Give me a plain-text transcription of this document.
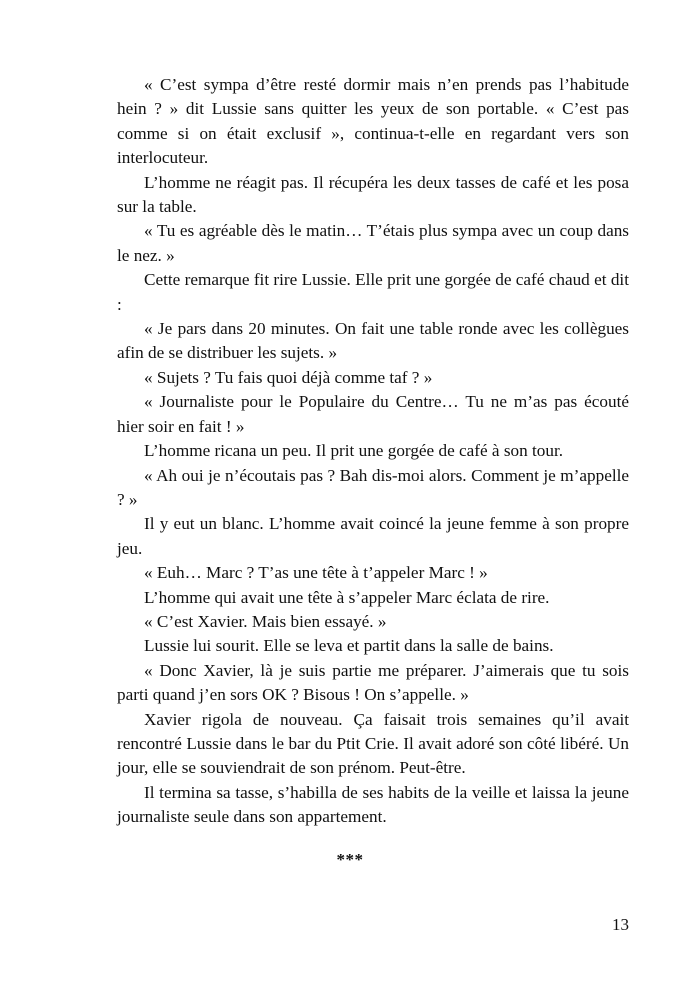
« C’est sympa d’être resté dormir mais n’en prends pas l’habitude hein ? » dit Lussie sans quitter les yeux de son portable. « C’est pas comme si on était exclusif », continua-t-elle en regardant vers son interlocuteur.

L’homme ne réagit pas. Il récupéra les deux tasses de café et les posa sur la table.

« Tu es agréable dès le matin… T’étais plus sympa avec un coup dans le nez. »

Cette remarque fit rire Lussie. Elle prit une gorgée de café chaud et dit :

« Je pars dans 20 minutes. On fait une table ronde avec les collègues afin de se distribuer les sujets. »

« Sujets ? Tu fais quoi déjà comme taf ? »

« Journaliste pour le Populaire du Centre… Tu ne m’as pas écouté hier soir en fait ! »

L’homme ricana un peu. Il prit une gorgée de café à son tour.

« Ah oui je n’écoutais pas ? Bah dis-moi alors. Comment je m’appelle ? »

Il y eut un blanc. L’homme avait coincé la jeune femme à son propre jeu.

« Euh… Marc ? T’as une tête à t’appeler Marc ! »

L’homme qui avait une tête à s’appeler Marc éclata de rire.

« C’est Xavier. Mais bien essayé. »

Lussie lui sourit. Elle se leva et partit dans la salle de bains.

« Donc Xavier, là je suis partie me préparer. J’aimerais que tu sois parti quand j’en sors OK ? Bisous ! On s’appelle. »

Xavier rigola de nouveau. Ça faisait trois semaines qu’il avait rencontré Lussie dans le bar du Ptit Crie. Il avait adoré son côté libéré. Un jour, elle se souviendrait de son prénom. Peut-être.

Il termina sa tasse, s’habilla de ses habits de la veille et laissa la jeune journaliste seule dans son appartement.

***
13
